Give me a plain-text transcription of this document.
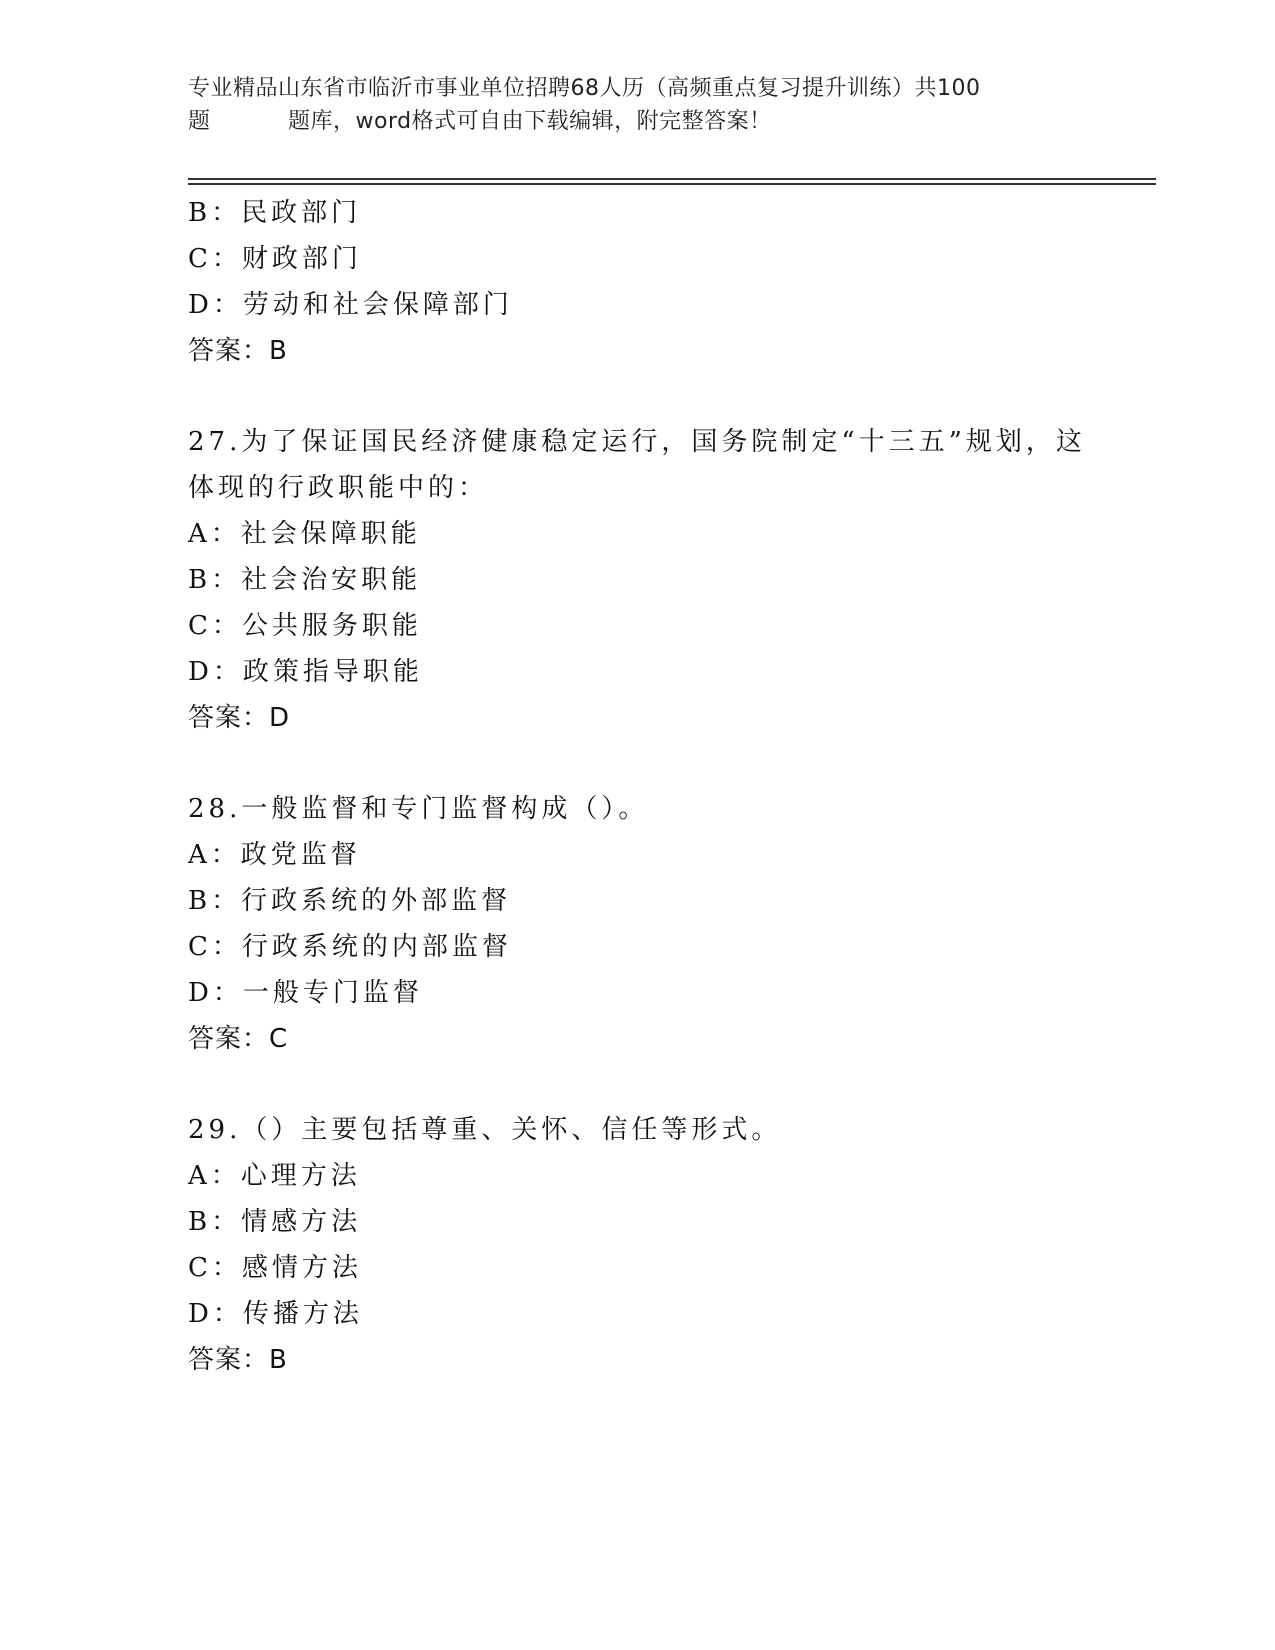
专业精品山东省市临沂市事业单位招聘68人历（高频重点复习提升训练）共100
题	题库，word格式可自由下载编辑，附完整答案！
B：民政部门
C：财政部门
D：劳动和社会保障部门
答案：B
27.为了保证国民经济健康稳定运行，国务院制定“十三五”规划，这
体现的行政职能中的：
A：社会保障职能
B：社会治安职能
C：公共服务职能
D：政策指导职能
答案：D
28.一般监督和专门监督构成（）。
A：政党监督
B：行政系统的外部监督
C：行政系统的内部监督
D：一般专门监督
答案：C
29.（）主要包括尊重、关怀、信任等形式。
A：心理方法
B：情感方法
C：感情方法
D：传播方法
答案：B
